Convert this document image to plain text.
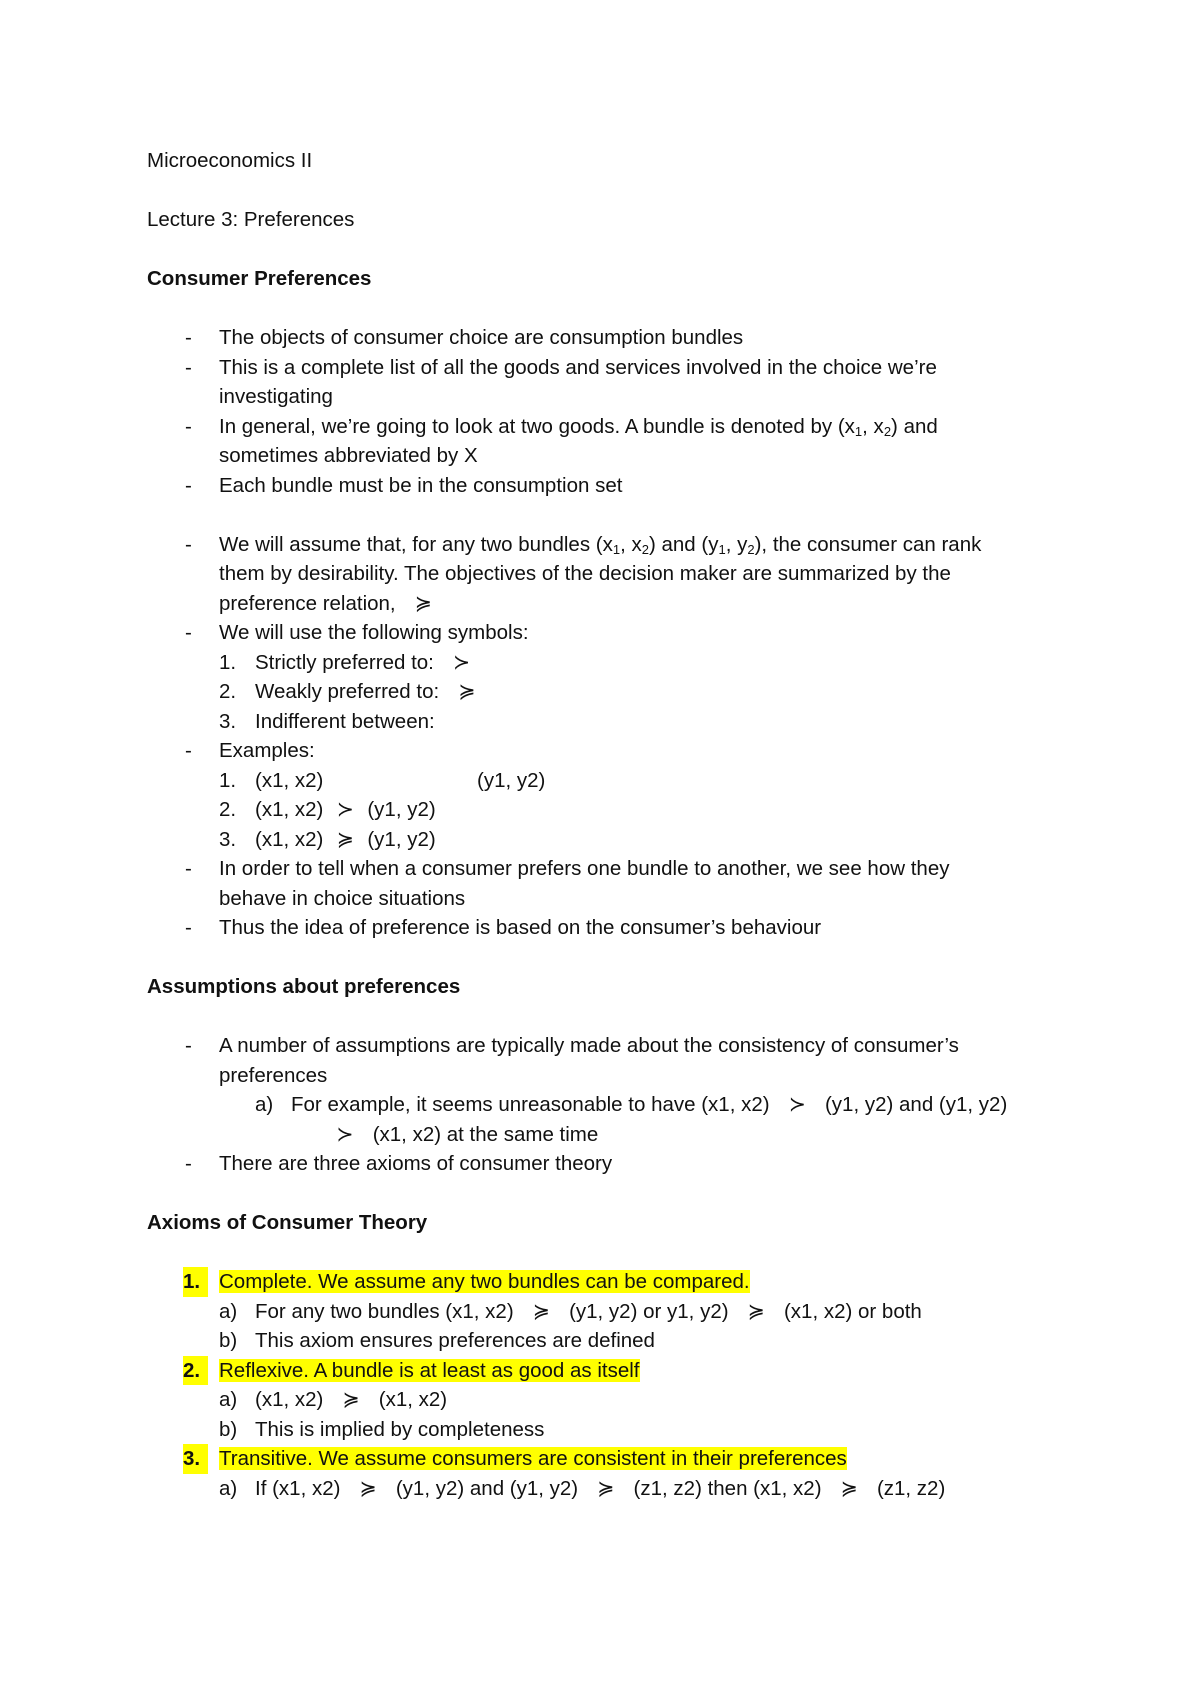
Microeconomics II
Lecture 3: Preferences
Consumer Preferences
- The objects of consumer choice are consumption bundles
- This is a complete list of all the goods and services involved in the choice we’re
investigating
- In general, we’re going to look at two goods. A bundle is denoted by ($x_1$, $x_2$) and
sometimes abbreviated by X
- Each bundle must be in the consumption set
- We will assume that, for any two bundles ($x_1$, $x_2$) and ($y_1$, $y_2$), the consumer can rank
them by desirability. The objectives of the decision maker are summarized by the
preference relation, ≽
- We will use the following symbols:
1. Strictly preferred to: ≻
2. Weakly preferred to: ≽
3. Indifferent between:
- Examples:
1. (x1, x2)	(y1, y2)
2. (x1, x2) ≻ (y1, y2)
3. (x1, x2) ≽ (y1, y2)
- In order to tell when a consumer prefers one bundle to another, we see how they
behave in choice situations
- Thus the idea of preference is based on the consumer’s behaviour
Assumptions about preferences
- A number of assumptions are typically made about the consistency of consumer’s
preferences
a) For example, it seems unreasonable to have (x1, x2) ≻ (y1, y2) and (y1, y2)
≻ (x1, x2) at the same time
- There are three axioms of consumer theory
Axioms of Consumer Theory
1. Complete. We assume any two bundles can be compared.
a) For any two bundles (x1, x2) ≽ (y1, y2) or y1, y2) ≽ (x1, x2) or both
b) This axiom ensures preferences are defined
2. Reflexive. A bundle is at least as good as itself
a) (x1, x2) ≽ (x1, x2)
b) This is implied by completeness
3. Transitive. We assume consumers are consistent in their preferences
a) If (x1, x2) ≽ (y1, y2) and (y1, y2) ≽ (z1, z2) then (x1, x2) ≽ (z1, z2)
